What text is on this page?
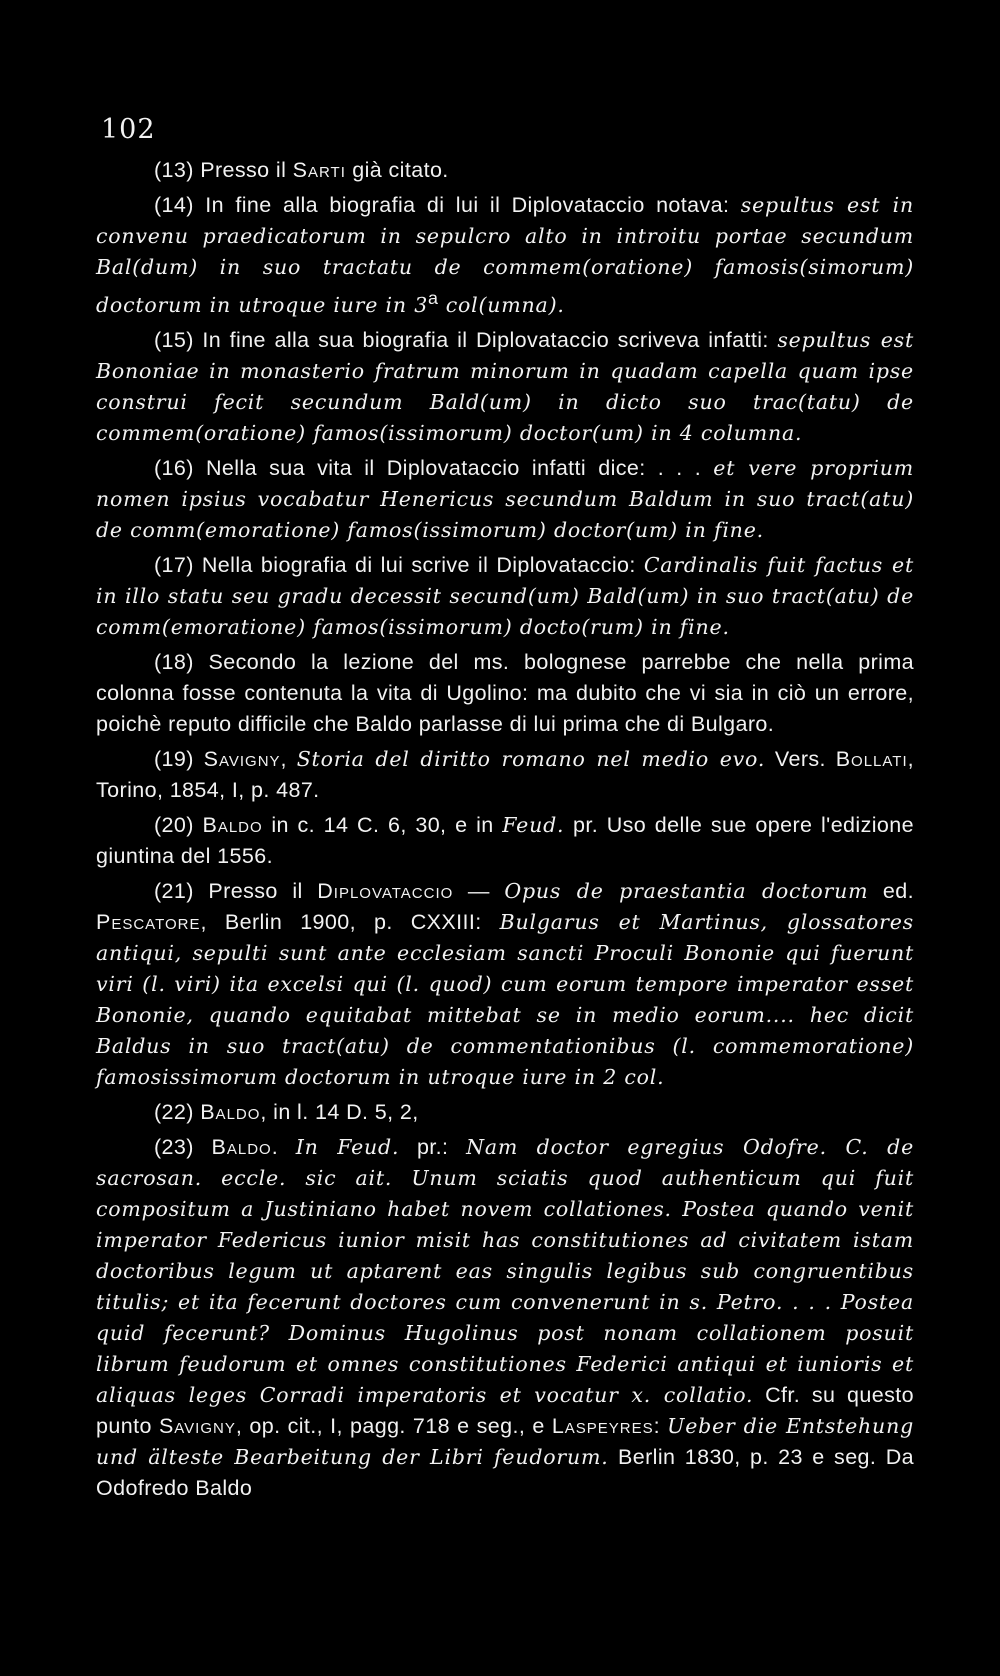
102

(13) Presso il Sarti già citato.

(14) In fine alla biografia di lui il Diplovataccio notava: sepultus est in convenu praedicatorum in sepulcro alto in introitu portae secundum Bal(dum) in suo tractatu de commem(oratione) famosis(simorum) doctorum in utroque iure in 3$^a$ col(umna).

(15) In fine alla sua biografia il Diplovataccio scriveva infatti: sepultus est Bononiae in monasterio fratrum minorum in quadam capella quam ipse construi fecit secundum Bald(um) in dicto suo trac(tatu) de commem(oratione) famos(issimorum) doctor(um) in 4 columna.

(16) Nella sua vita il Diplovataccio infatti dice: . . . et vere proprium nomen ipsius vocabatur Henericus secundum Baldum in suo tract(atu) de comm(emoratione) famos(issimorum) doctor(um) in fine.

(17) Nella biografia di lui scrive il Diplovataccio: Cardinalis fuit factus et in illo statu seu gradu decessit secund(um) Bald(um) in suo tract(atu) de comm(emoratione) famos(issimorum) docto(rum) in fine.

(18) Secondo la lezione del ms. bolognese parrebbe che nella prima colonna fosse contenuta la vita di Ugolino: ma dubito che vi sia in ciò un errore, poichè reputo difficile che Baldo parlasse di lui prima che di Bulgaro.

(19) Savigny, Storia del diritto romano nel medio evo. Vers. Bollati, Torino, 1854, I, p. 487.

(20) Baldo in c. 14 C. 6, 30, e in Feud. pr. Uso delle sue opere l'edizione giuntina del 1556.

(21) Presso il Diplovataccio — Opus de praestantia doctorum ed. Pescatore, Berlin 1900, p. CXXIII: Bulgarus et Martinus, glossatores antiqui, sepulti sunt ante ecclesiam sancti Proculi Bononie qui fuerunt viri (l. viri) ita excelsi qui (l. quod) cum eorum tempore imperator esset Bononie, quando equitabat mittebat se in medio eorum.... hec dicit Baldus in suo tract(atu) de commentationibus (l. commemoratione) famosissimorum doctorum in utroque iure in 2 col.

(22) Baldo, in l. 14 D. 5, 2,

(23) Baldo. In Feud. pr.: Nam doctor egregius Odofre. C. de sacrosan. eccle. sic ait. Unum sciatis quod authenticum qui fuit compositum a Justiniano habet novem collationes. Postea quando venit imperator Federicus iunior misit has constitutiones ad civitatem istam doctoribus legum ut aptarent eas singulis legibus sub congruentibus titulis; et ita fecerunt doctores cum convenerunt in s. Petro. . . . Postea quid fecerunt? Dominus Hugolinus post nonam collationem posuit librum feudorum et omnes constitutiones Federici antiqui et iunioris et aliquas leges Corradi imperatoris et vocatur x. collatio. Cfr. su questo punto Savigny, op. cit., I, pagg. 718 e seg., e Laspeyres: Ueber die Entstehung und älteste Bearbeitung der Libri feudorum. Berlin 1830, p. 23 e seg. Da Odofredo Baldo
